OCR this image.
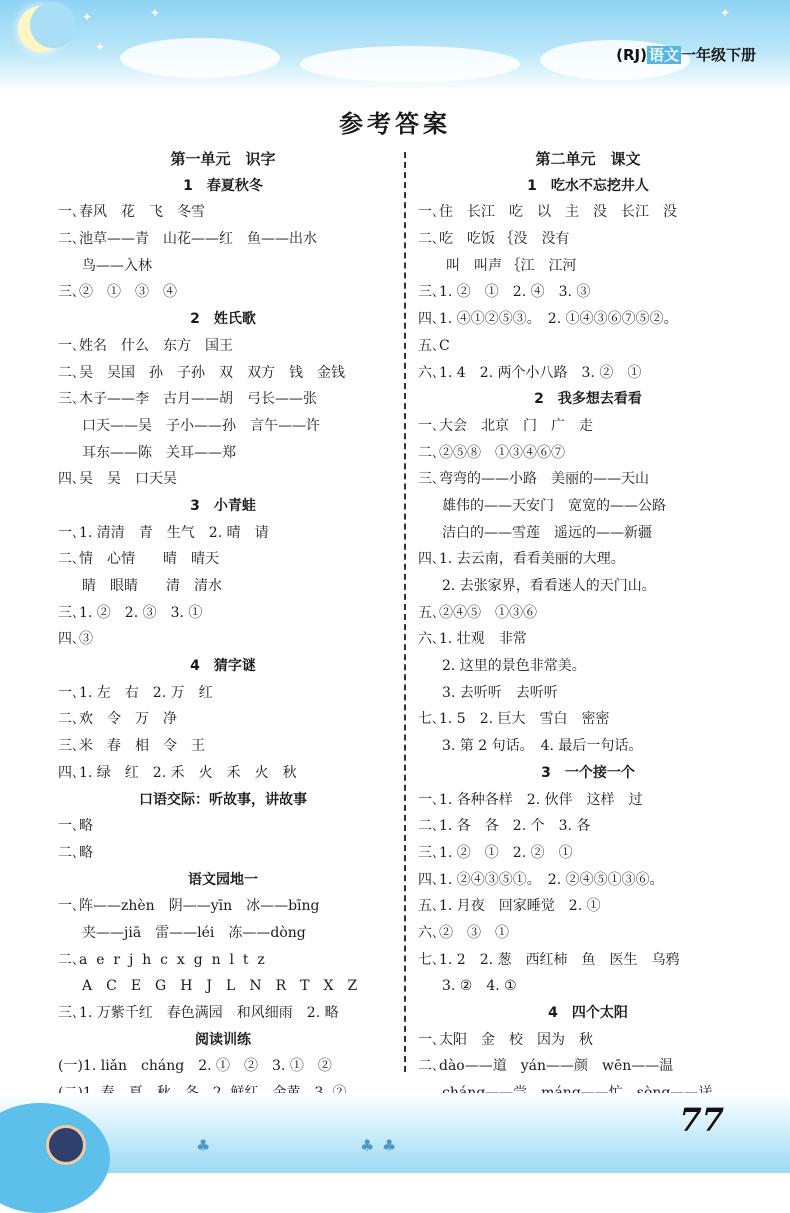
✦	✦
✦
✦
(RJ) 语文 一年级下册
参考答案
第一单元　识字
1　春夏秋冬
一､春风　花　飞　冬雪
二､池草——青　山花——红　鱼——出水
鸟——入林
三､②　①　③　④
2　姓氏歌
一､姓名　什么　东方　国王
二､吴　吴国　孙　子孙　双　双方　钱　金钱
三､木子——李　古月——胡　弓长——张
口天——吴　子小——孙　言午——许
耳东——陈　关耳——郑
四､吴　吴　口天吴
3　小青蛙
一､1. 清清　青　生气　2. 晴　请
二､情　心情　　晴　晴天
睛　眼睛　　清　清水
三､1. ②　2. ③　3. ①
四､③
4　猜字谜
一､1. 左　右　2. 万　红
二､欢　令　万　净
三､米　春　相　令　王
四､1. 绿　红　2. 禾　火　禾　火　秋
口语交际：听故事，讲故事
一､略
二､略
语文园地一
一､阵——zhèn　阴——yīn　冰——bīng
夹——jiā　雷——léi　冻——dòng
二､a  e  r  j  h  c  x  g  n  l  t  z
A　C　E　G　H　J　L　N　R　T　X　Z
三､1. 万紫千红　春色满园　和风细雨　2. 略
阅读训练
(一)1. liǎn　cháng　2. ①　②　3. ①　②
第二单元　课文
1　吃水不忘挖井人
一､住　长江　吃　以　主　没　长江　没
二､吃　吃饭 ｛没　没有
　　叫　叫声 ｛江　江河
三､1. ②　①　2. ④　3. ③
四､1. ④①②⑤③。　2. ①④③⑥⑦⑤②。
五､C
六､1. 4　2. 两个小八路　3. ②　①
2　我多想去看看
一､大会　北京　门　广　走
二､②⑤⑧　①③④⑥⑦
三､弯弯的——小路　美丽的——天山
雄伟的——天安门　宽宽的——公路
洁白的——雪莲　遥远的——新疆
四､1. 去云南，看看美丽的大理。
2. 去张家界，看看迷人的天门山。
五､②④⑤　①③⑥
六､1. 壮观　非常
2. 这里的景色非常美。
3. 去听听　去听听
七､1. 5　2. 巨大　雪白　密密
3. 第 2 句话。　4. 最后一句话。
3　一个接一个
一､1. 各种各样　2. 伙伴　这样　过
二､1. 各　各　2. 个　3. 各
三､1. ②　①　2. ②　①
四､1. ②④③⑤①。　2. ②④⑤①③⑥。
五､1. 月夜　回家睡觉　2. ①
六､②　③　①
七､1. 2　2. 葱　西红柿　鱼　医生　乌鸦
3. ②　4. ①
4　四个太阳
一､太阳　金　校　因为　秋
二､dào——道　yán——颜　wēn——温
♣ ♣
♣
77
